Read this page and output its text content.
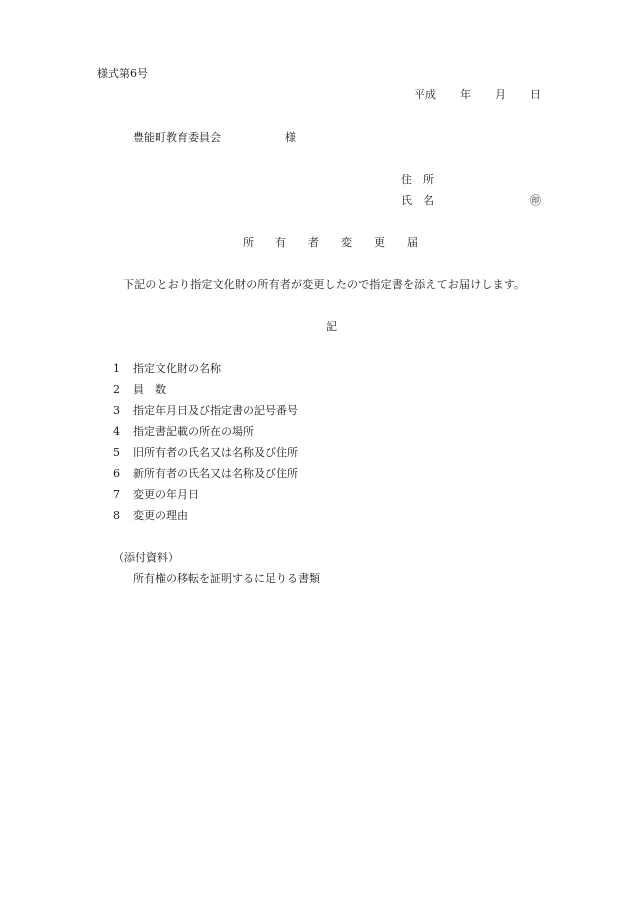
様式第6号
平成 年 月 日
豊能町教育委員会	様
住　所
氏　名	㊞
所 有 者 変 更 届
下記のとおり指定文化財の所有者が変更したので指定書を添えてお届けします。
記
1 指定文化財の名称
2 員　数
3 指定年月日及び指定書の記号番号
4 指定書記載の所在の場所
5 旧所有者の氏名又は名称及び住所
6 新所有者の氏名又は名称及び住所
7 変更の年月日
8 変更の理由
（添付資料）
所有権の移転を証明するに足りる書類
